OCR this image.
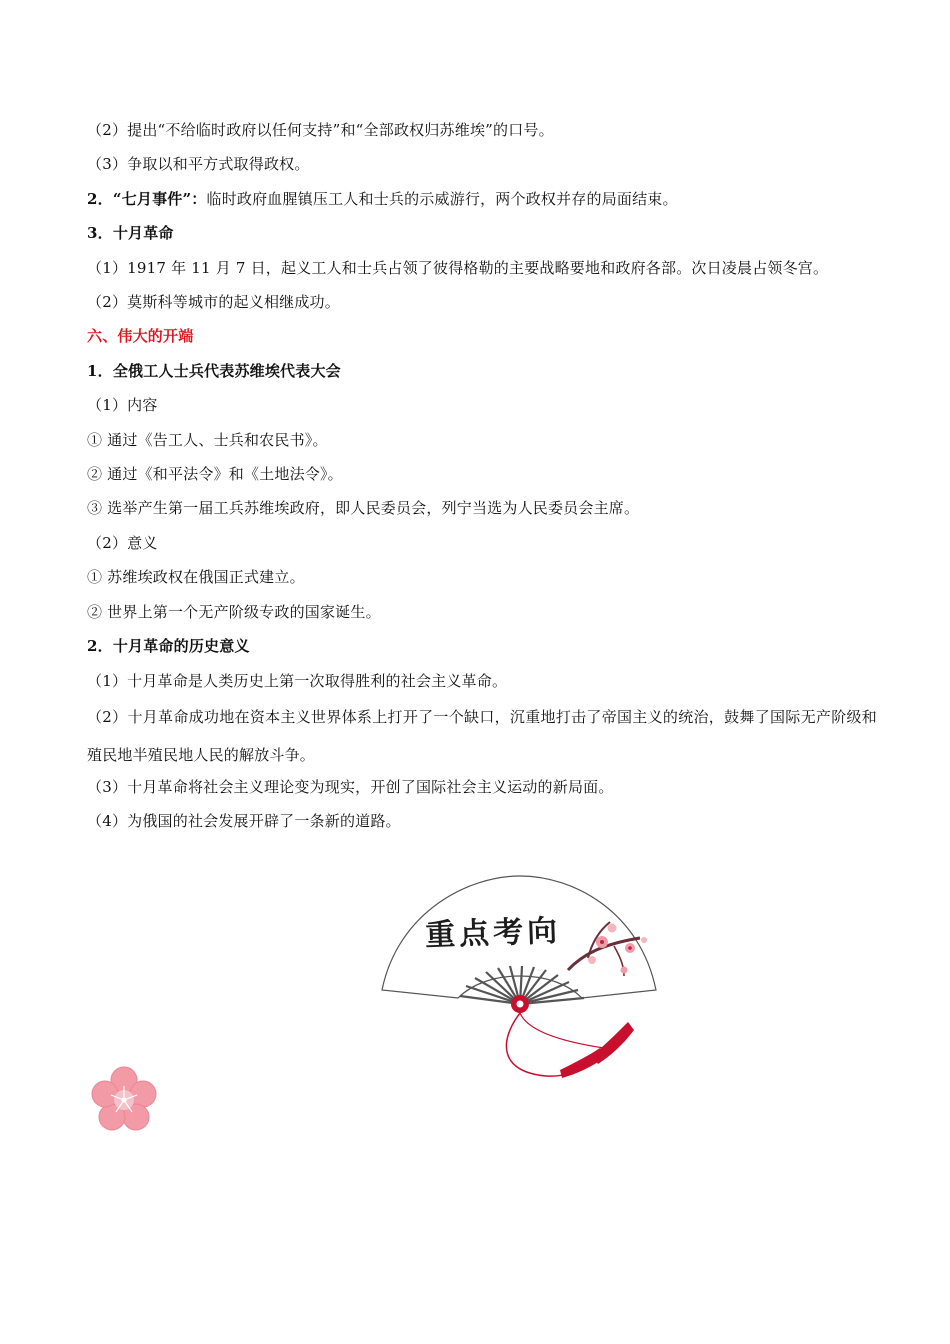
（2）提出“不给临时政府以任何支持”和“全部政权归苏维埃”的口号。
（3）争取以和平方式取得政权。
2．“七月事件”：临时政府血腥镇压工人和士兵的示威游行，两个政权并存的局面结束。
3．十月革命
（1）1917 年 11 月 7 日，起义工人和士兵占领了彼得格勒的主要战略要地和政府各部。次日凌晨占领冬宫。
（2）莫斯科等城市的起义相继成功。
六、伟大的开端
1．全俄工人士兵代表苏维埃代表大会
（1）内容
① 通过《告工人、士兵和农民书》。
② 通过《和平法令》和《土地法令》。
③ 选举产生第一届工兵苏维埃政府，即人民委员会，列宁当选为人民委员会主席。
（2）意义
① 苏维埃政权在俄国正式建立。
② 世界上第一个无产阶级专政的国家诞生。
2．十月革命的历史意义
（1）十月革命是人类历史上第一次取得胜利的社会主义革命。
（2）十月革命成功地在资本主义世界体系上打开了一个缺口，沉重地打击了帝国主义的统治，鼓舞了国际无产阶级和殖民地半殖民地人民的解放斗争。
（3）十月革命将社会主义理论变为现实，开创了国际社会主义运动的新局面。
（4）为俄国的社会发展开辟了一条新的道路。
重点考向
